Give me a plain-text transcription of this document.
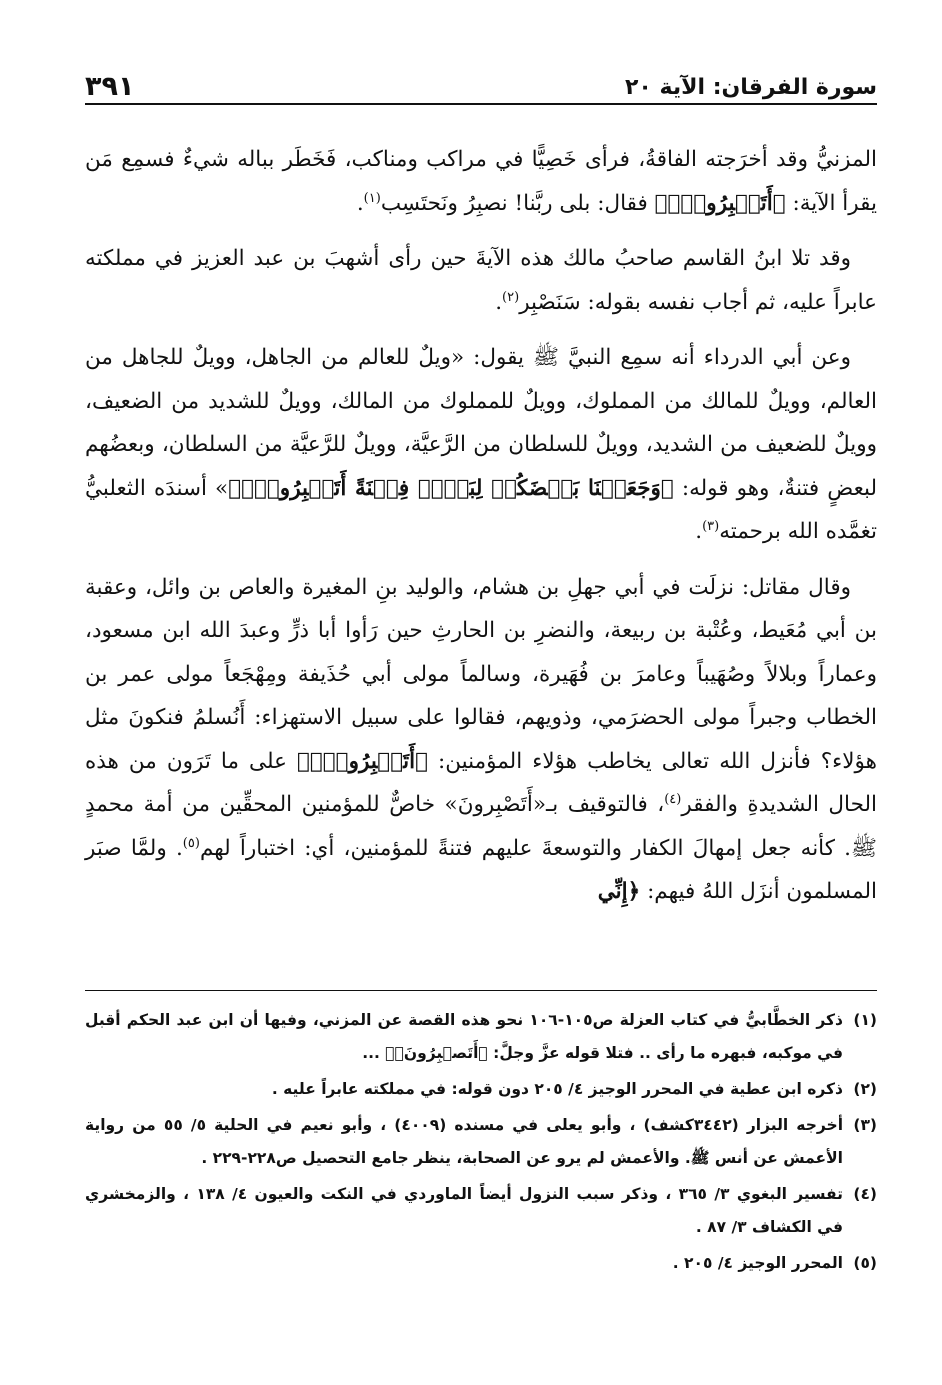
سورة الفرقان: الآية ٢٠
٣٩١

المزنيُّ وقد أخرَجته الفاقةُ، فرأى خَصِيًّا في مراكب ومناكب، فَخَطَر بباله شيءٌ فسمِع مَن يقرأ الآية: ﴿أَتَصۡبِرُونَۗ﴾ فقال: بلى ربَّنا! نصبِرُ ونَحتَسِب$^{(١)}$.

وقد تلا ابنُ القاسم صاحبُ مالك هذه الآيةَ حين رأى أشهبَ بن عبد العزيز في مملكته عابراً عليه، ثم أجاب نفسه بقوله: سَنَصْبِر$^{(٢)}$.

وعن أبي الدرداء أنه سمِع النبيَّ ﷺ يقول: «ويلٌ للعالم من الجاهل، وويلٌ للجاهل من العالم، وويلٌ للمالك من المملوك، وويلٌ للمملوك من المالك، وويلٌ للشديد من الضعيف، وويلٌ للضعيف من الشديد، وويلٌ للسلطان من الرَّعيَّة، وويلٌ للرَّعيَّة من السلطان، وبعضُهم لبعضٍ فتنةٌ، وهو قوله: ﴿وَجَعَلۡنَا بَعۡضَكُمۡ لِبَعۡضٖ فِتۡنَةً أَتَصۡبِرُونَۗ﴾» أسندَه الثعلبيُّ تغمَّده الله برحمته$^{(٣)}$.

وقال مقاتل: نزلَت في أبي جهلِ بن هشام، والوليد بنِ المغيرة والعاص بن وائل، وعقبة بن أبي مُعَيط، وعُتْبة بن ربيعة، والنضرِ بن الحارثِ حين رَأوا أبا ذرٍّ وعبدَ الله ابن مسعود، وعماراً وبلالاً وصُهَيباً وعامرَ بن فُهَيرة، وسالماً مولى أبي حُذَيفة ومِهْجَعاً مولى عمر بن الخطاب وجبراً مولى الحضرَمي، وذويهم، فقالوا على سبيل الاستهزاء: أَنُسلمُ فنكونَ مثل هؤلاء؟ فأنزل الله تعالى يخاطب هؤلاء المؤمنين: ﴿أَتَصۡبِرُونَۗ﴾ على ما تَرَون من هذه الحال الشديدةِ والفقر$^{(٤)}$، فالتوقيف بـ«أَتَصْبِرونَ» خاصٌّ للمؤمنين المحقِّين من أمة محمدٍ ﷺ. كأنه جعل إمهالَ الكفار والتوسعةَ عليهم فتنةً للمؤمنين، أي: اختباراً لهم$^{(٥)}$. ولمَّا صبَر المسلمون أنزَل اللهُ فيهم: ﴿إِنِّي

(١)
ذكر الخطَّابيُّ في كتاب العزلة ص١٠٥-١٠٦ نحو هذه القصة عن المزني، وفيها أن ابن عبد الحكم أقبل في موكبه، فبهره ما رأى .. فتلا قوله عزَّ وجلَّ: ﴿أَتَصۡبِرُونَۗ﴾ ...
(٢)
ذكره ابن عطية في المحرر الوجيز ٤/ ٢٠٥ دون قوله: في مملكته عابراً عليه .
(٣)
أخرجه البزار (٣٤٤٢كشف) ، وأبو يعلى في مسنده (٤٠٠٩) ، وأبو نعيم في الحلية ٥/ ٥٥ من رواية الأعمش عن أنس ﷺ. والأعمش لم يرو عن الصحابة، ينظر جامع التحصيل ص٢٢٨-٢٢٩ .
(٤)
تفسير البغوي ٣/ ٣٦٥ ، وذكر سبب النزول أيضاً الماوردي في النكت والعيون ٤/ ١٣٨ ، والزمخشري في الكشاف ٣/ ٨٧ .
(٥)
المحرر الوجيز ٤/ ٢٠٥ .
